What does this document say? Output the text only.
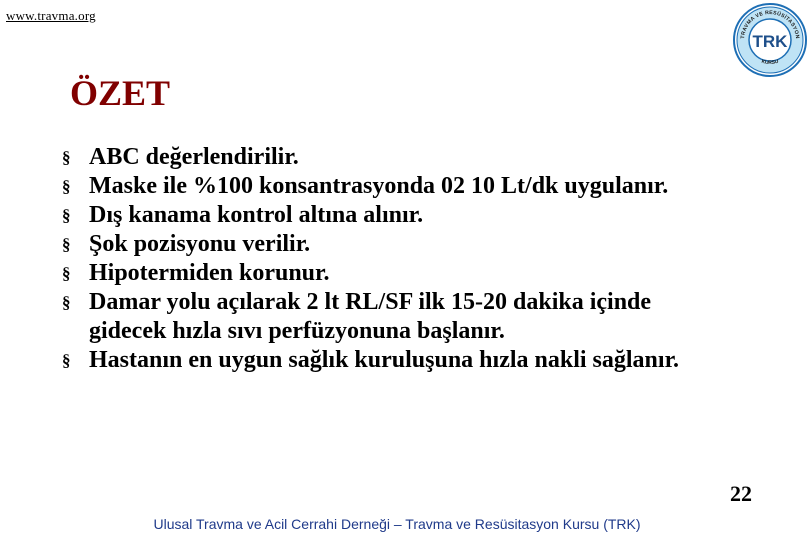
www.travma.org
TRAVMA VE RESÜSİTASYON
KURSU
TRK
ÖZET
§ ABC değerlendirilir.
§ Maske ile %100 konsantrasyonda 02 10 Lt/dk uygulanır.
§ Dış kanama kontrol altına alınır.
§ Şok pozisyonu verilir.
§ Hipotermiden korunur.
§ Damar yolu açılarak 2 lt RL/SF ilk 15-20 dakika içinde gidecek hızla sıvı perfüzyonuna başlanır.
§ Hastanın en uygun sağlık kuruluşuna hızla nakli sağlanır.
22
Ulusal Travma ve Acil Cerrahi Derneği – Travma ve Resüsitasyon Kursu (TRK)
